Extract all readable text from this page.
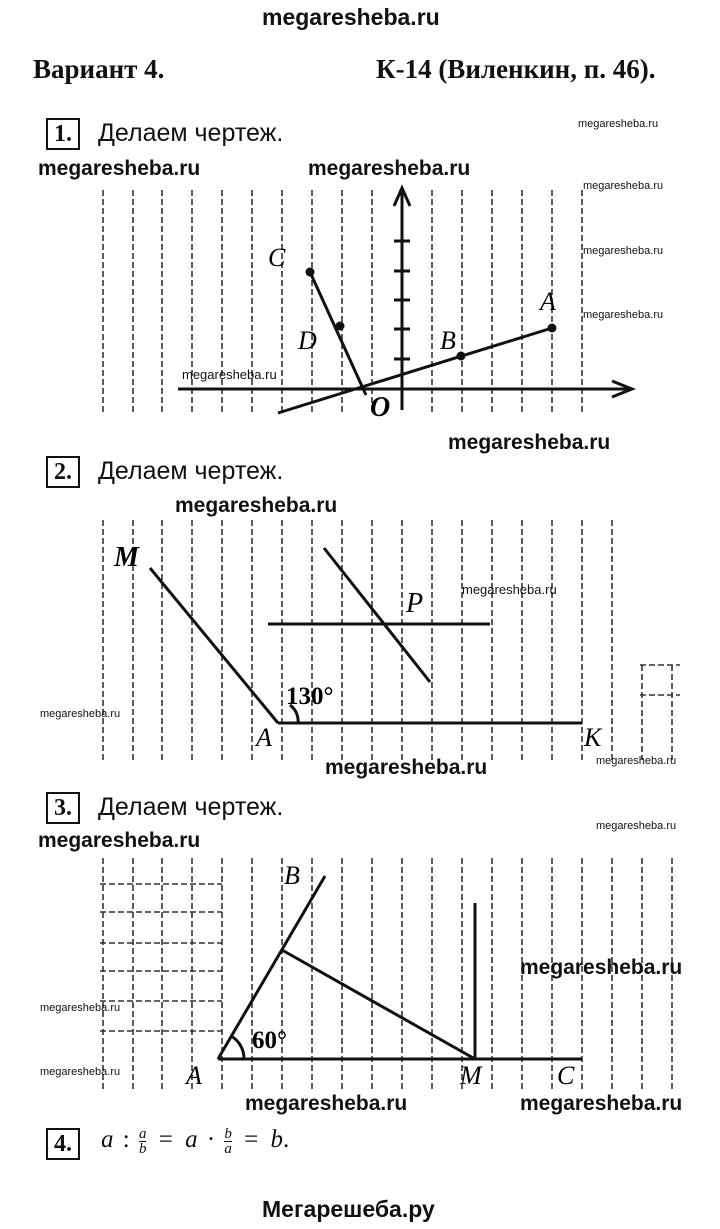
megaresheba.ru
Вариант 4.	К-14 (Виленкин, п. 46).
1. Делаем чертеж.	megaresheba.ru
megaresheba.ru	megaresheba.ru
megaresheba.ru
megaresheba.ru
megaresheba.ru
C
D	B
A
O
megaresheba.ru
megaresheba.ru
2. Делаем чертеж.
megaresheba.ru
M
P
A	K
130°
megaresheba.ru
megaresheba.ru
megaresheba.ru	megaresheba.ru
3. Делаем чертеж.
megaresheba.ru
megaresheba.ru
B
A	M	C
60°
megaresheba.ru
megaresheba.ru
megaresheba.ru
megaresheba.ru	megaresheba.ru
4.	a : $\frac{a}{b} = a \cdot \frac{b}{a} = b$.
Мегарешеба.ру
